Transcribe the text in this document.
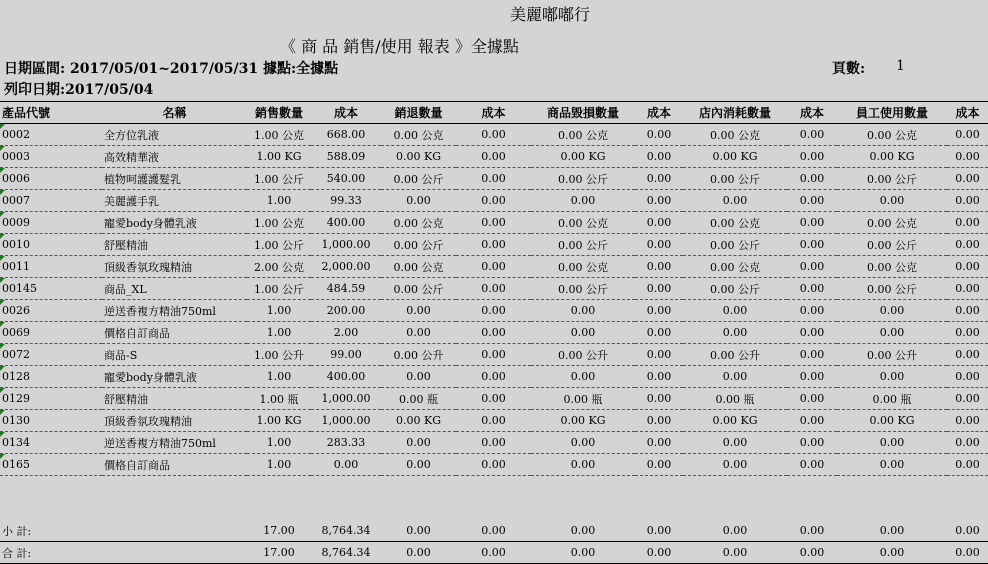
美麗嘟嘟行
《 商 品 銷售/使用 報表 》全據點
日期區間: 2017/05/01~2017/05/31 據點:全據點
列印日期:2017/05/04
頁數: 1
產品代號	名稱	銷售數量	成本	銷退數量	成本	商品毀損數量	成本	店內消耗數量	成本	員工使用數量	成本
0002	全方位乳液	1.00 公克	668.00	0.00 公克	0.00	0.00 公克	0.00	0.00 公克	0.00	0.00 公克	0.00
0003	高效精華液	1.00 KG	588.09	0.00 KG	0.00	0.00 KG	0.00	0.00 KG	0.00	0.00 KG	0.00
0006	植物呵護護髮乳	1.00 公斤	540.00	0.00 公斤	0.00	0.00 公斤	0.00	0.00 公斤	0.00	0.00 公斤	0.00
0007	美麗護手乳	1.00	99.33	0.00	0.00	0.00	0.00	0.00	0.00	0.00	0.00
0009	寵愛body身體乳液	1.00 公克	400.00	0.00 公克	0.00	0.00 公克	0.00	0.00 公克	0.00	0.00 公克	0.00
0010	舒壓精油	1.00 公斤	1,000.00	0.00 公斤	0.00	0.00 公斤	0.00	0.00 公斤	0.00	0.00 公斤	0.00
0011	頂級香氛玫瑰精油	2.00 公克	2,000.00	0.00 公克	0.00	0.00 公克	0.00	0.00 公克	0.00	0.00 公克	0.00
00145	商品_XL	1.00 公斤	484.59	0.00 公斤	0.00	0.00 公斤	0.00	0.00 公斤	0.00	0.00 公斤	0.00
0026	逆送香複方精油750ml	1.00	200.00	0.00	0.00	0.00	0.00	0.00	0.00	0.00	0.00
0069	價格自訂商品	1.00	2.00	0.00	0.00	0.00	0.00	0.00	0.00	0.00	0.00
0072	商品-S	1.00 公升	99.00	0.00 公升	0.00	0.00 公升	0.00	0.00 公升	0.00	0.00 公升	0.00
0128	寵愛body身體乳液	1.00	400.00	0.00	0.00	0.00	0.00	0.00	0.00	0.00	0.00
0129	舒壓精油	1.00 瓶	1,000.00	0.00 瓶	0.00	0.00 瓶	0.00	0.00 瓶	0.00	0.00 瓶	0.00
0130	頂級香氛玫瑰精油	1.00 KG	1,000.00	0.00 KG	0.00	0.00 KG	0.00	0.00 KG	0.00	0.00 KG	0.00
0134	逆送香複方精油750ml	1.00	283.33	0.00	0.00	0.00	0.00	0.00	0.00	0.00	0.00
0165	價格自訂商品	1.00	0.00	0.00	0.00	0.00	0.00	0.00	0.00	0.00	0.00

小 計:		17.00	8,764.34	0.00	0.00	0.00	0.00	0.00	0.00	0.00	0.00
合 計:		17.00	8,764.34	0.00	0.00	0.00	0.00	0.00	0.00	0.00	0.00
